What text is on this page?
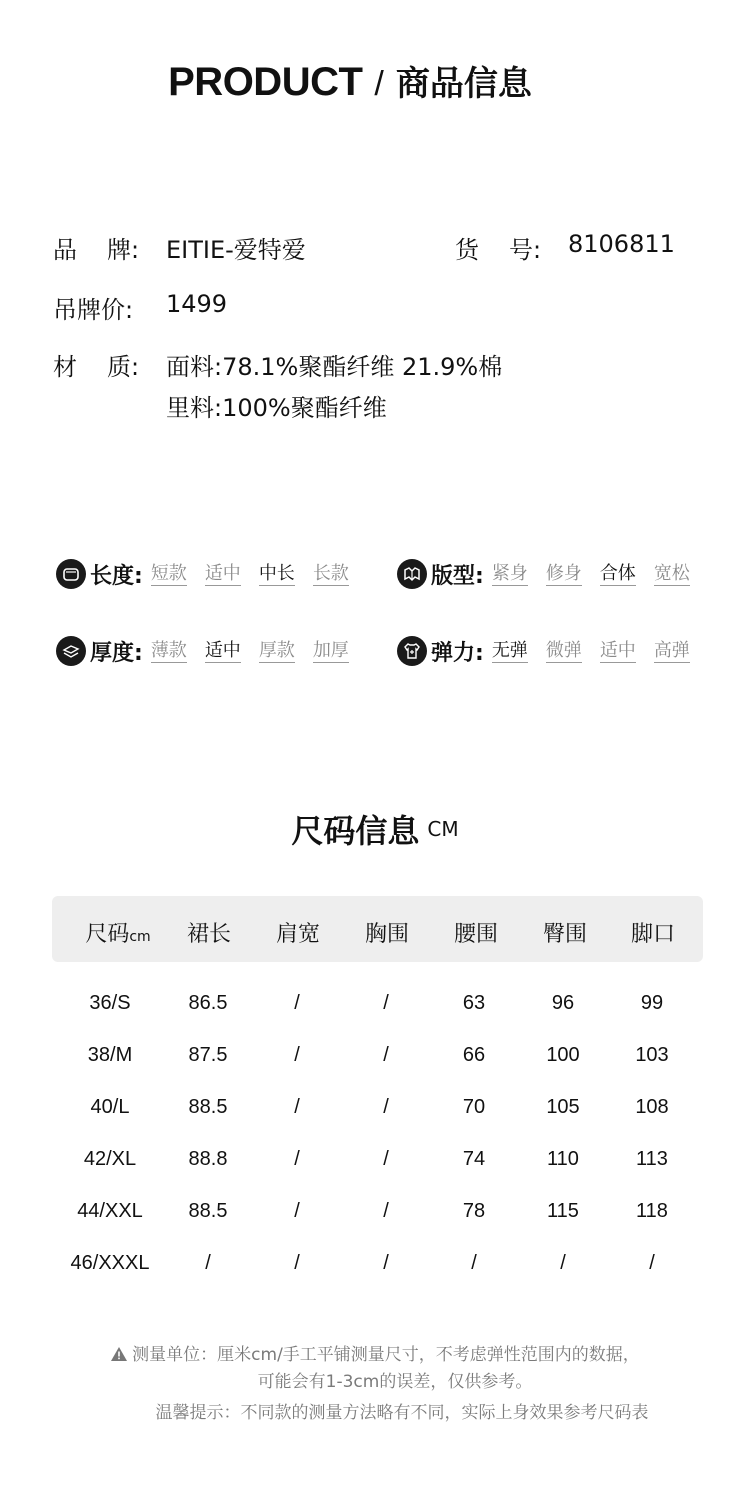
PRODUCT / 商品信息
品 牌:	EITIE-爱特爱	货 号:	8106811
吊牌价:	1499
材 质:	面料:78.1%聚酯纤维 21.9%棉
里料:100%聚酯纤维
长度: 短款 适中 中长 长款	版型: 紧身 修身 合体 宽松
厚度: 薄款 适中 厚款 加厚	弹力: 无弹 微弹 适中 高弹
尺码信息 CM
尺码cm	裙长	肩宽	胸围	腰围	臀围	脚口
36/S	86.5	/	/	63	96	99
38/M	87.5	/	/	66	100	103
40/L	88.5	/	/	70	105	108
42/XL	88.8	/	/	74	110	113
44/XXL	88.5	/	/	78	115	118
46/XXXL	/	/	/	/	/	/
测量单位：厘米cm/手工平铺测量尺寸，不考虑弹性范围内的数据，
可能会有1-3cm的误差，仅供参考。
温馨提示：不同款的测量方法略有不同，实际上身效果参考尺码表
